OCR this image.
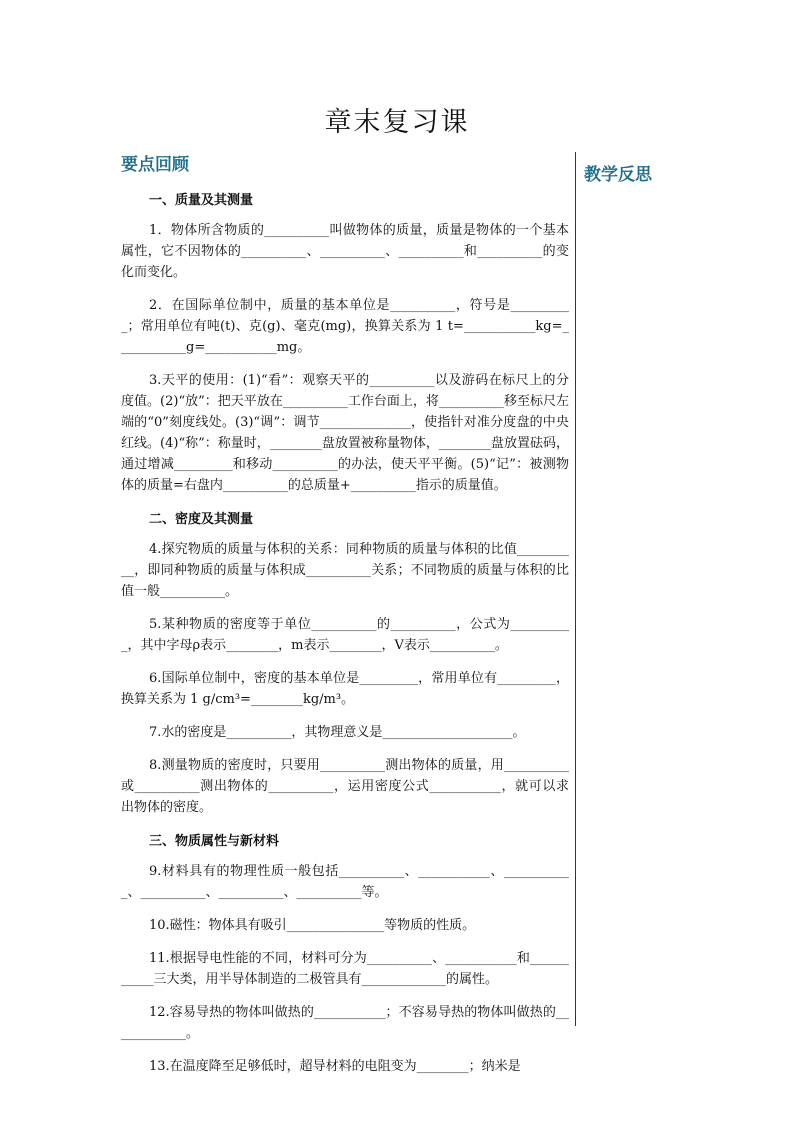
章末复习课
教学反思
要点回顾
一、质量及其测量

1．物体所含物质的__________叫做物体的质量，质量是物体的一个基本属性，它不因物体的__________、__________、__________和__________的变化而变化。

2．在国际单位制中，质量的基本单位是__________，符号是__________；常用单位有吨(t)、克(g)、毫克(mg)，换算关系为 1 t=___________kg=___________g=___________mg。

3.天平的使用：(1)“看”：观察天平的__________以及游码在标尺上的分度值。(2)“放”：把天平放在__________工作台面上，将__________移至标尺左端的“0”刻度线处。(3)“调”：调节______________，使指针对准分度盘的中央红线。(4)“称”：称量时，________盘放置被称量物体，________盘放置砝码，通过增减_________和移动__________的办法，使天平平衡。(5)“记”：被测物体的质量=右盘内__________的总质量+__________指示的质量值。

二、密度及其测量

4.探究物质的质量与体积的关系：同种物质的质量与体积的比值__________，即同种物质的质量与体积成__________关系；不同物质的质量与体积的比值一般__________。

5.某种物质的密度等于单位__________的__________，公式为__________，其中字母ρ表示________，m表示________，V表示__________。

6.国际单位制中，密度的基本单位是_________，常用单位有_________，换算关系为 1 g/cm³=________kg/m³。

7.水的密度是__________，其物理意义是____________________。

8.测量物质的密度时，只要用__________测出物体的质量，用__________或__________测出物体的__________，运用密度公式___________，就可以求出物体的密度。

三、物质属性与新材料

9.材料具有的物理性质一般包括__________、___________、___________、__________、__________、__________等。

10.磁性：物体具有吸引_______________等物质的性质。

11.根据导电性能的不同，材料可分为__________、___________和___________三大类，用半导体制造的二极管具有_____________的属性。

12.容易导热的物体叫做热的___________；不容易导热的物体叫做热的____________。

13.在温度降至足够低时，超导材料的电阻变为________；纳米是
